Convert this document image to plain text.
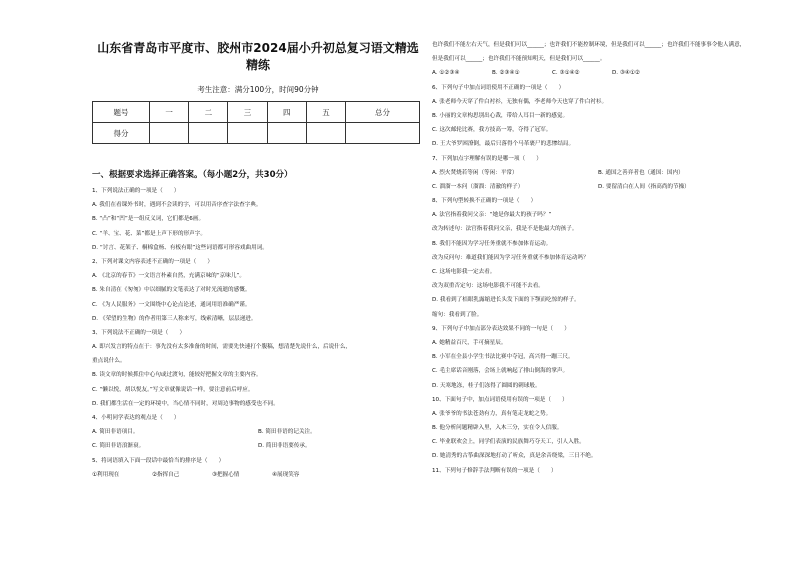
山东省青岛市平度市、胶州市2024届小升初总复习语文精选
精练
考生注意：满分100分，时间90分钟
题号	一	二	三	四	五	总分
得分						
一、根据要求选择正确答案。（每小题2分，共30分）
1、下列说法正确的一项是（　　）
A. 我们在看课外书时，遇到不会读的字，可以用音序查字法查字典。
B. “凸”和“凹”是一组反义词，它们都是6画。
C. “羊、宝、花、菜”都是上声下形的形声字。
D. “讨言、花架子、桐棉盒杨、有板有眼”这些词语都可形容戏曲用词。
2、下列对课文内容表述不正确的一项是（　　）
A. 《北京的春节》一文语言朴素自然，充满京味的“京味儿”。
B. 朱自清在《匆匆》中以细腻的文笔表达了对时光流逝的感慨。
C. 《为人民服务》一文围绕中心论点论述，通词用语准确严谨。
D. 《荣望的生物》的作者用第三人称来写，线索清晰，层层递进。
3、下列说法不正确的一项是（　　）
A. 即兴发言的特点在于：事先没有太多准备的时间，需要先快速打个腹稿，想清楚先说什么，后说什么，
重点说什么。
B. 读文章的时候抓住中心句或过渡句，能较好把握文章的主要内容。
C. “懒以悦，胡以悦友。”写文章就像说话一样，要注意前后呼应。
D. 我们都生活在一定的环境中，当心情不同时，对周边事物的感受也不同。
4、小明同学表达的观点是（　　）
A. 简田非语项目。	B. 简田非语的记关注。
C. 简田非语浪渐衰。	D. 简田非语要传承。
5、将词语填入下面一段话中最恰当的排序是（　　）
①利用现在	②指挥自己	③把握心情	④展现笑容
也许我们不能左右天气，但是我们可以______；也许我们不能控制环境，但是我们可以______；也许我们不能事事令他人满意，
但是我们可以______；也许我们不能预知明天，但是我们可以______。
A. ①②③④	B. ②③④①	C. ③①④②	D. ③④①②
6、下列句子中加点词语使用不正确的一项是（　　）
A. 张老师今天穿了件白衬衫，无独有偶，李老师今天也穿了件白衬衫。
B. 小丽的文章构思别出心裁，带给人耳目一新的感觉。
C. 这次邮轮比赛，我方技高一筹，夺得了冠军。
D. 王大爷罗困潦倒，最后只落得个马革裹尸的悲惨结局。
7、下列加点字理解有误的是哪一项（　　）
A. 烈火焚烧若等闲（等闲：平常）	B. 通国之善弈者也（通国：国内）
C. 溜溜一本问（溜溜：清澈的样子）	D. 要留清白在人间（指高尚的节操）
8、下列句型转换不正确的一项是（　　）
A. 法官指着我问父亲：“她是你最大的孩子吗？”
改为转述句：法官指着我问父亲，我是不是他最大的孩子。
B. 我们不能因为学习任务重就不参加体育运动。
改为反问句：难道我们能因为学习任务重就不参加体育运动吗？
C. 这场电影我一定去看。
改为双重否定句：这场电影我不可能不去看。
D. 我看到了桔眼乳露缩进长头发下面的下颚而吃惊的样子。
缩句：我看到了脸。
9、下列句子中加点部分表达效果不同的一句是（　　）
A. 她精益百尺，手可摘星辰。
B. 小军在全县小学生书法比赛中夺冠，高兴得一蹦三尺。
C. 毛主席话音刚落，会场上就响起了排山倒海的掌声。
D. 天寒地冻，桂子们冻得了圆圆的刺球般。
10、下面句子中，加点词语使用有误的一项是（　　）
A. 张爷爷的书法苍劲有力，真有笔走龙蛇之势。
B. 他分析问题精辟入里，入木三分，实在令人信服。
C. 毕业联欢会上，同学们表演的民族舞巧夺天工，引人入胜。
D. 她清秀的古筝曲深深地打动了听众，真是余音绕梁，三日不绝。
11、下列句子修辞手法判断有误的一项是（　　）
